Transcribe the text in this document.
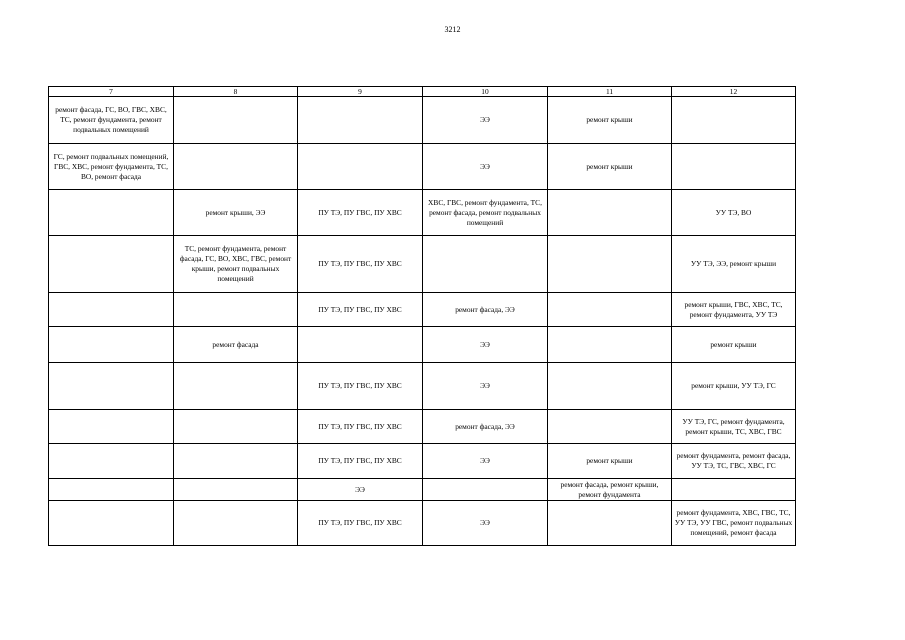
3212
7	8	9	10	11	12
ремонт фасада, ГС, ВО, ГВС, ХВС, ТС, ремонт фундамента, ремонт подвальных помещений			ЭЭ	ремонт крыши	
ГС, ремонт подвальных помещений, ГВС, ХВС, ремонт фундамента, ТС, ВО, ремонт фасада			ЭЭ	ремонт крыши	
	ремонт крыши, ЭЭ	ПУ ТЭ, ПУ ГВС, ПУ ХВС	ХВС, ГВС, ремонт фундамента, ТС, ремонт фасада, ремонт подвальных помещений		УУ ТЭ, ВО
	ТС, ремонт фундамента, ремонт фасада, ГС, ВО, ХВС, ГВС, ремонт крыши, ремонт подвальных помещений	ПУ ТЭ, ПУ ГВС, ПУ ХВС			УУ ТЭ, ЭЭ, ремонт крыши
		ПУ ТЭ, ПУ ГВС, ПУ ХВС	ремонт фасада, ЭЭ		ремонт крыши, ГВС, ХВС, ТС, ремонт фундамента, УУ ТЭ
	ремонт фасада		ЭЭ		ремонт крыши
		ПУ ТЭ, ПУ ГВС, ПУ ХВС	ЭЭ		ремонт крыши, УУ ТЭ, ГС
		ПУ ТЭ, ПУ ГВС, ПУ ХВС	ремонт фасада, ЭЭ		УУ ТЭ, ГС, ремонт фундамента, ремонт крыши, ТС, ХВС, ГВС
		ПУ ТЭ, ПУ ГВС, ПУ ХВС	ЭЭ	ремонт крыши	ремонт фундамента, ремонт фасада, УУ ТЭ, ТС, ГВС, ХВС, ГС
		ЭЭ		ремонт фасада, ремонт крыши, ремонт фундамента	
		ПУ ТЭ, ПУ ГВС, ПУ ХВС	ЭЭ		ремонт фундамента, ХВС, ГВС, ТС, УУ ТЭ, УУ ГВС, ремонт подвальных помещений, ремонт фасада
